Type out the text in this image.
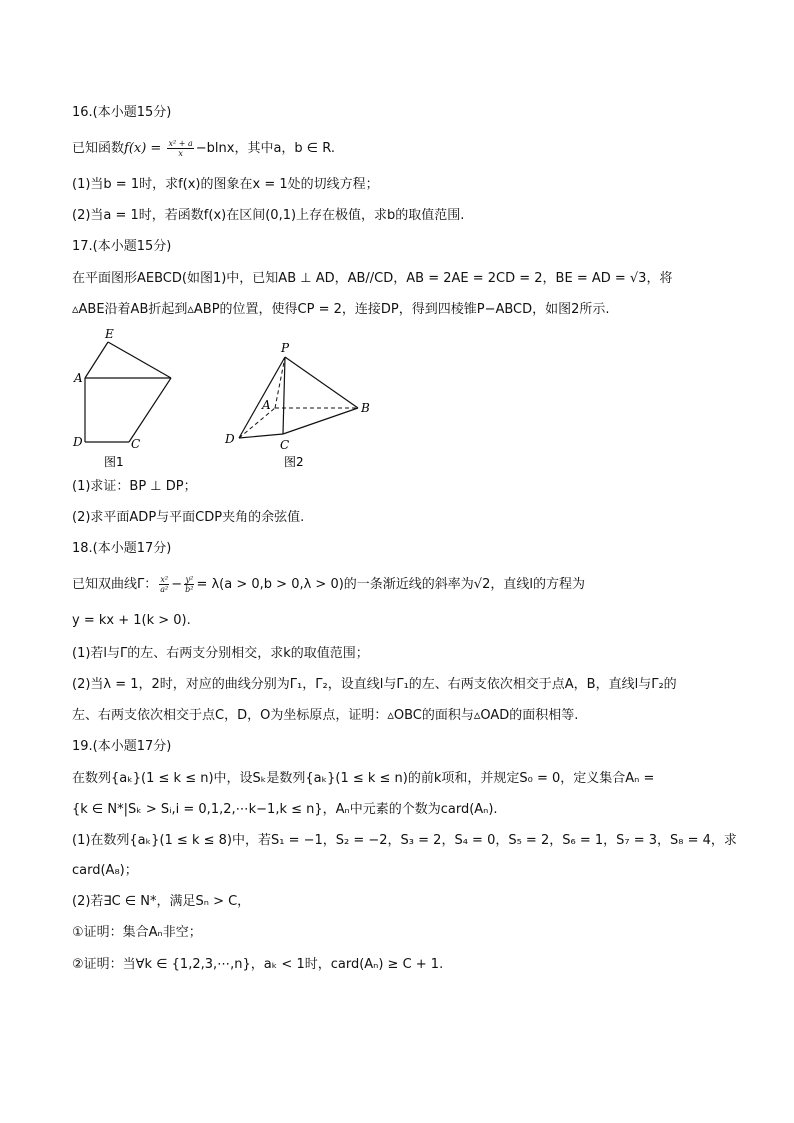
16.(本小题15分)
已知函数$f(x) = \frac{\text{x² + a}}{x} -blnx$，其中a，b ∈ R.
(1)当b = 1时，求f(x)的图象在x = 1处的切线方程；
(2)当a = 1时，若函数f(x)在区间(0,1)上存在极值，求b的取值范围.
17.(本小题15分)
在平面图形AEBCD(如图1)中，已知AB ⊥ AD，AB//CD，AB = 2AE = 2CD = 2，BE = AD = √3，将
▵ABE沿着AB折起到▵ABP的位置，使得CP = 2，连接DP，得到四棱锥P−ABCD，如图2所示.
E
A
D	C
图1
P
A	B
D	C
图2
(1)求证：BP ⊥ DP；
(2)求平面ADP与平面CDP夹角的余弦值.
18.(本小题17分)
已知双曲线Γ： $\frac{\text{x²}}{\text{a²}} - \frac{\text{y²}}{\text{b²}} = \lambda(a > 0,b > 0,\lambda > 0)$的一条渐近线的斜率为√2，直线l的方程为
y = kx + 1(k > 0).
(1)若l与Γ的左、右两支分别相交，求k的取值范围；
(2)当λ = 1，2时，对应的曲线分别为Γ₁，Γ₂，设直线l与Γ₁的左、右两支依次相交于点A，B，直线l与Γ₂的
左、右两支依次相交于点C，D，O为坐标原点，证明：▵OBC的面积与▵OAD的面积相等.
19.(本小题17分)
在数列{aₖ}(1 ≤ k ≤ n)中，设Sₖ是数列{aₖ}(1 ≤ k ≤ n)的前k项和，并规定S₀ = 0，定义集合Aₙ =
{k ∈ N*|Sₖ > Sᵢ,i = 0,1,2,⋯k−1,k ≤ n}，Aₙ中元素的个数为card(Aₙ).
(1)在数列{aₖ}(1 ≤ k ≤ 8)中，若S₁ = −1，S₂ = −2，S₃ = 2，S₄ = 0，S₅ = 2，S₆ = 1，S₇ = 3，S₈ = 4，求
card(A₈)；
(2)若∃C ∈ N*，满足Sₙ > C，
①证明：集合Aₙ非空；
②证明：当∀k ∈ {1,2,3,⋯,n}，aₖ < 1时，card(Aₙ) ≥ C + 1.
